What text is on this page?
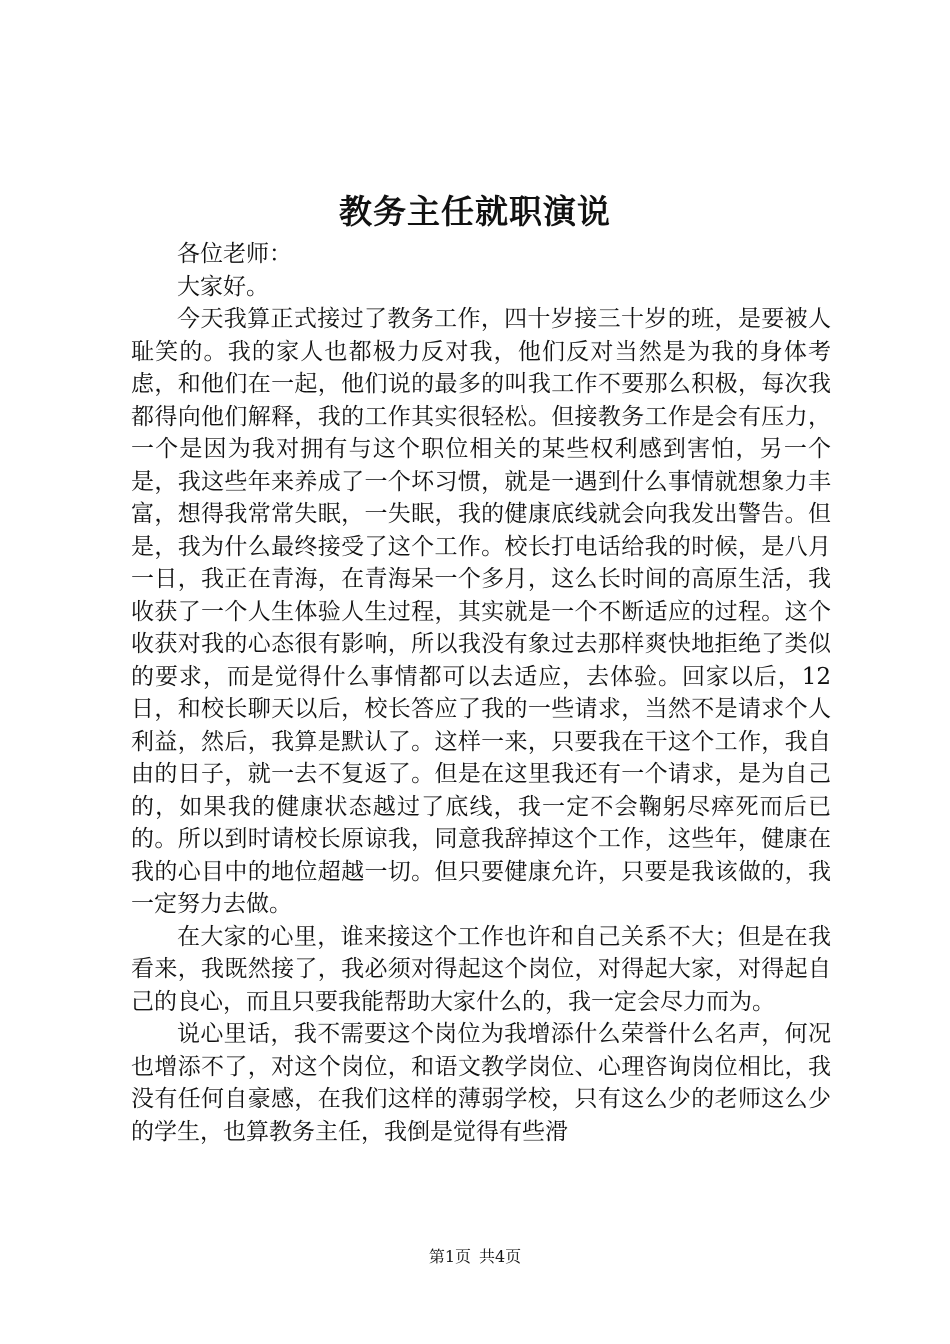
教务主任就职演说

各位老师：

大家好。

今天我算正式接过了教务工作，四十岁接三十岁的班，是要被人耻笑的。我的家人也都极力反对我，他们反对当然是为我的身体考虑，和他们在一起，他们说的最多的叫我工作不要那么积极，每次我都得向他们解释，我的工作其实很轻松。但接教务工作是会有压力，一个是因为我对拥有与这个职位相关的某些权利感到害怕，另一个是，我这些年来养成了一个坏习惯，就是一遇到什么事情就想象力丰富，想得我常常失眠，一失眠，我的健康底线就会向我发出警告。但是，我为什么最终接受了这个工作。校长打电话给我的时候，是八月一日，我正在青海，在青海呆一个多月，这么长时间的高原生活，我收获了一个人生体验人生过程，其实就是一个不断适应的过程。这个收获对我的心态很有影响，所以我没有象过去那样爽快地拒绝了类似的要求，而是觉得什么事情都可以去适应，去体验。回家以后，12日，和校长聊天以后，校长答应了我的一些请求，当然不是请求个人利益，然后，我算是默认了。这样一来，只要我在干这个工作，我自由的日子，就一去不复返了。但是在这里我还有一个请求，是为自己的，如果我的健康状态越过了底线，我一定不会鞠躬尽瘁死而后已的。所以到时请校长原谅我，同意我辞掉这个工作，这些年，健康在我的心目中的地位超越一切。但只要健康允许，只要是我该做的，我一定努力去做。

在大家的心里，谁来接这个工作也许和自己关系不大；但是在我看来，我既然接了，我必须对得起这个岗位，对得起大家，对得起自己的良心，而且只要我能帮助大家什么的，我一定会尽力而为。

说心里话，我不需要这个岗位为我增添什么荣誉什么名声，何况也增添不了，对这个岗位，和语文教学岗位、心理咨询岗位相比，我没有任何自豪感，在我们这样的薄弱学校，只有这么少的老师这么少的学生，也算教务主任，我倒是觉得有些滑

第1页 共4页
